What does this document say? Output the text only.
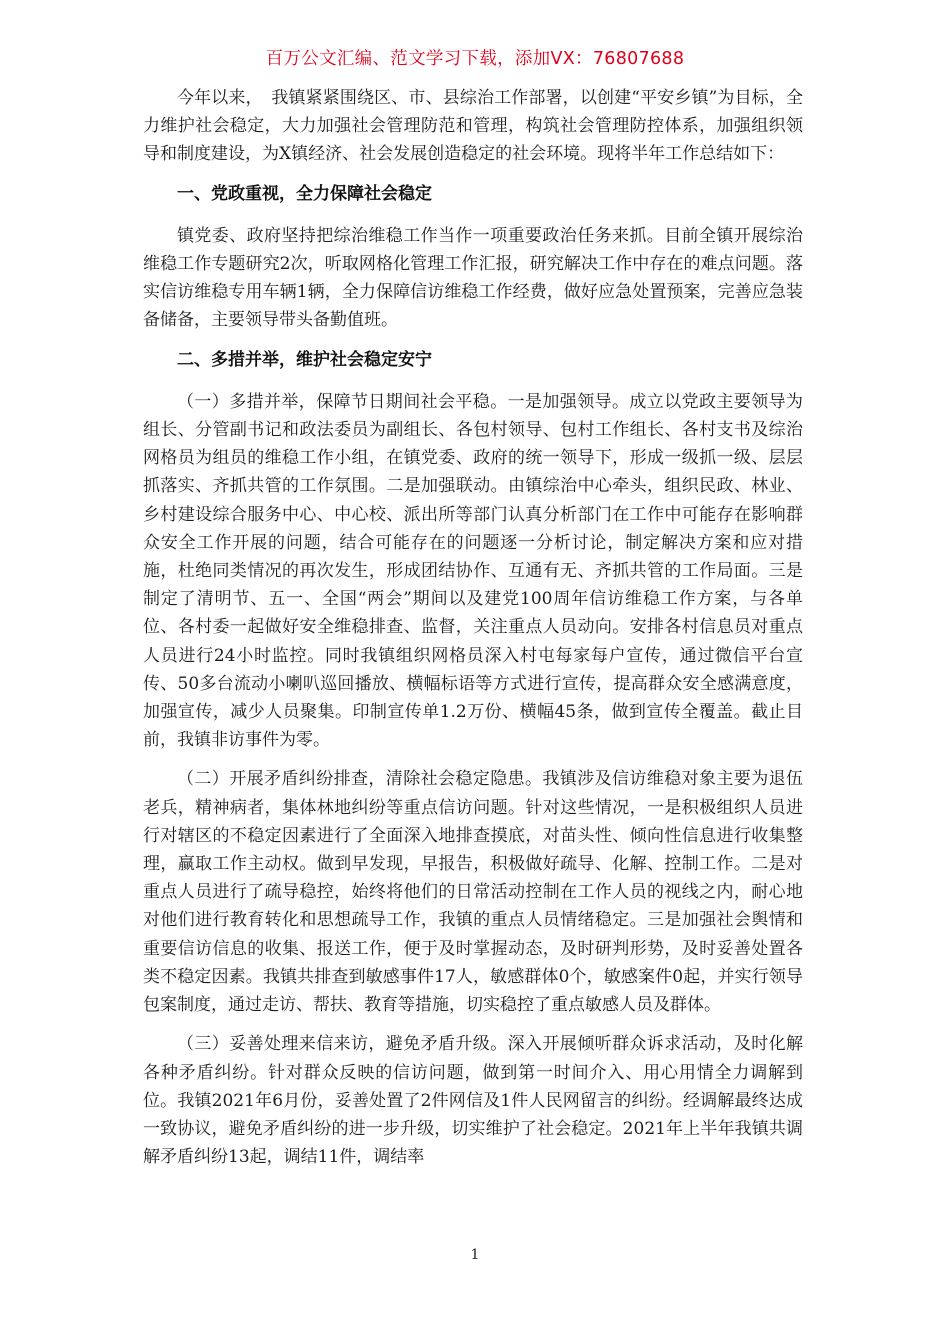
百万公文汇编、范文学习下载，添加VX：76807688

今年以来，　我镇紧紧围绕区、市、县综治工作部署，以创建“平安乡镇”为目标，全力维护社会稳定，大力加强社会管理防范和管理，构筑社会管理防控体系，加强组织领导和制度建设，为X镇经济、社会发展创造稳定的社会环境。现将半年工作总结如下：

一、党政重视，全力保障社会稳定

镇党委、政府坚持把综治维稳工作当作一项重要政治任务来抓。目前全镇开展综治维稳工作专题研究2次，听取网格化管理工作汇报，研究解决工作中存在的难点问题。落实信访维稳专用车辆1辆，全力保障信访维稳工作经费，做好应急处置预案，完善应急装备储备，主要领导带头备勤值班。

二、多措并举，维护社会稳定安宁

（一）多措并举，保障节日期间社会平稳。一是加强领导。成立以党政主要领导为组长、分管副书记和政法委员为副组长、各包村领导、包村工作组长、各村支书及综治网格员为组员的维稳工作小组，在镇党委、政府的统一领导下，形成一级抓一级、层层抓落实、齐抓共管的工作氛围。二是加强联动。由镇综治中心牵头，组织民政、林业、乡村建设综合服务中心、中心校、派出所等部门认真分析部门在工作中可能存在影响群众安全工作开展的问题，结合可能存在的问题逐一分析讨论，制定解决方案和应对措施，杜绝同类情况的再次发生，形成团结协作、互通有无、齐抓共管的工作局面。三是制定了清明节、五一、全国“两会”期间以及建党100周年信访维稳工作方案，与各单位、各村委一起做好安全维稳排查、监督，关注重点人员动向。安排各村信息员对重点人员进行24小时监控。同时我镇组织网格员深入村屯每家每户宣传，通过微信平台宣传、50多台流动小喇叭巡回播放、横幅标语等方式进行宣传，提高群众安全感满意度，加强宣传，减少人员聚集。印制宣传单1.2万份、横幅45条，做到宣传全覆盖。截止目前，我镇非访事件为零。

（二）开展矛盾纠纷排查，清除社会稳定隐患。我镇涉及信访维稳对象主要为退伍老兵，精神病者，集体林地纠纷等重点信访问题。针对这些情况，一是积极组织人员进行对辖区的不稳定因素进行了全面深入地排查摸底，对苗头性、倾向性信息进行收集整理，赢取工作主动权。做到早发现，早报告，积极做好疏导、化解、控制工作。二是对重点人员进行了疏导稳控，始终将他们的日常活动控制在工作人员的视线之内，耐心地对他们进行教育转化和思想疏导工作，我镇的重点人员情绪稳定。三是加强社会舆情和重要信访信息的收集、报送工作，便于及时掌握动态，及时研判形势，及时妥善处置各类不稳定因素。我镇共排查到敏感事件17人，敏感群体0个，敏感案件0起，并实行领导包案制度，通过走访、帮扶、教育等措施，切实稳控了重点敏感人员及群体。

（三）妥善处理来信来访，避免矛盾升级。深入开展倾听群众诉求活动，及时化解各种矛盾纠纷。针对群众反映的信访问题，做到第一时间介入、用心用情全力调解到位。我镇2021年6月份，妥善处置了2件网信及1件人民网留言的纠纷。经调解最终达成一致协议，避免矛盾纠纷的进一步升级，切实维护了社会稳定。2021年上半年我镇共调解矛盾纠纷13起，调结11件，调结率

1
